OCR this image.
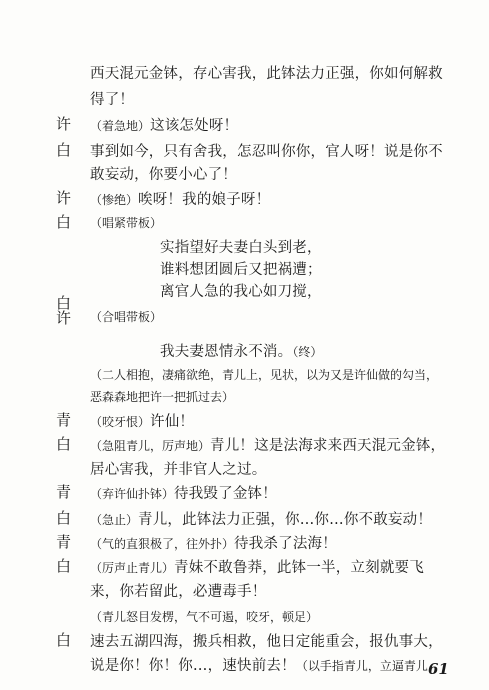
西天混元金钵，存心害我，此钵法力正强，你如何解救
得了！
许 （着急地）这该怎处呀！
白 事到如今，只有舍我，怎忍叫你你，官人呀！说是你不
敢妄动，你要小心了！
许 （惨绝）唉呀！我的娘子呀！
白 （唱紧带板）
实指望好夫妻白头到老，
谁料想团圆后又把祸遭；
离官人急的我心如刀搅，
白许 （合唱带板）
我夫妻恩情永不消。（终）
（二人相抱，凄痛欲绝，青儿上，见状，以为又是许仙做的勾当，
恶森森地把许一把抓过去）
青 （咬牙恨）许仙！
白 （急阻青儿，厉声地）青儿！这是法海求来西天混元金钵，
居心害我，并非官人之过。
青 （弃许仙扑钵）待我毁了金钵！
白 （急止）青儿，此钵法力正强，你…你…你不敢妄动！
青 （气的直狠极了，往外扑）待我杀了法海！
白 （厉声止青儿）青妹不敢鲁莽，此钵一半，立刻就要飞
来，你若留此，必遭毒手！
（青儿怒目发楞，气不可遏，咬牙，顿足）
白 速去五湖四海，搬兵相救，他日定能重会，报仇事大，
说是你！你！你…，速快前去！（以手指青儿，立逼青儿 61
